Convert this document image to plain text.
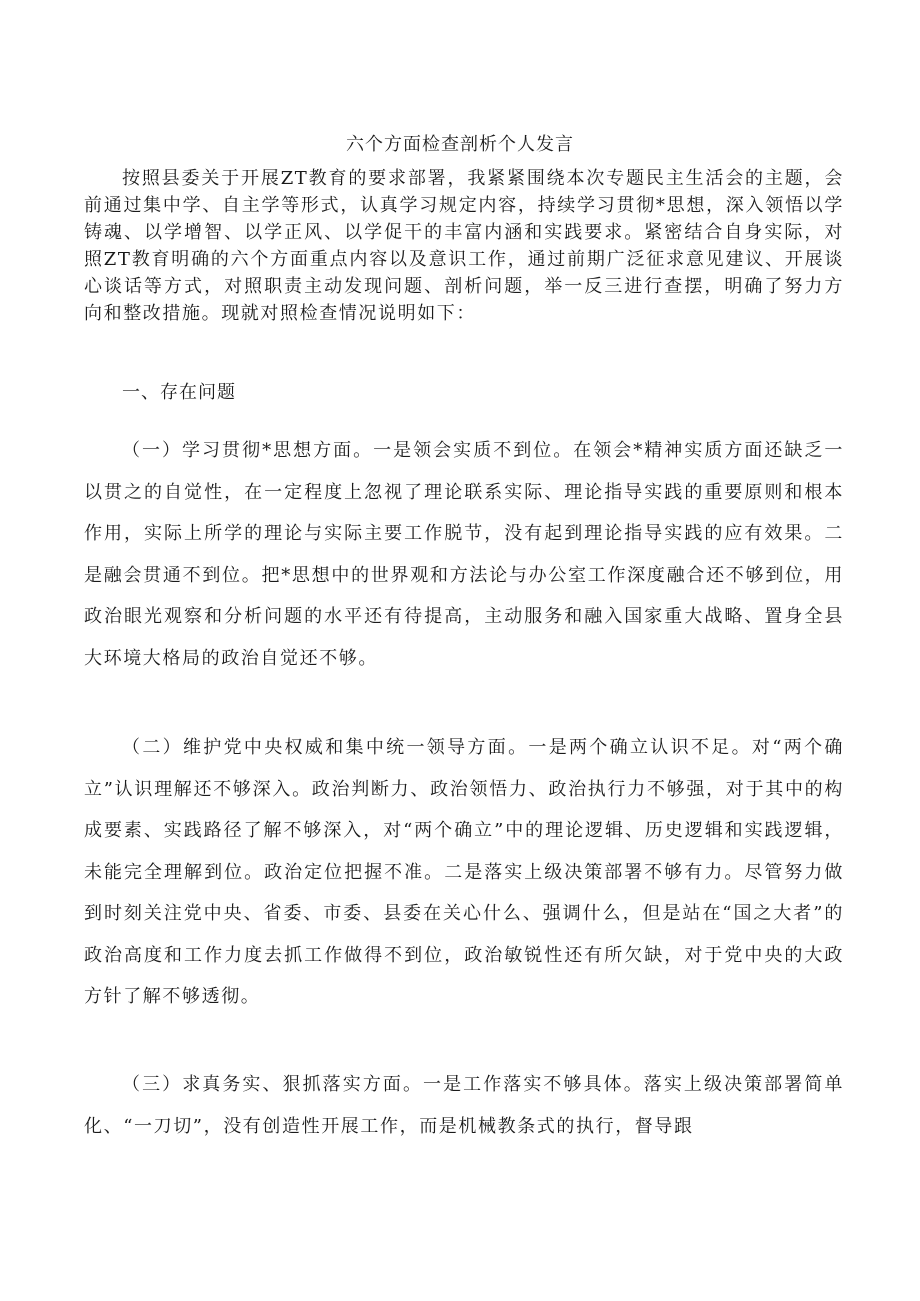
六个方面检查剖析个人发言

按照县委关于开展ZT教育的要求部署，我紧紧围绕本次专题民主生活会的主题，会前通过集中学、自主学等形式，认真学习规定内容，持续学习贯彻*思想，深入领悟以学铸魂、以学增智、以学正风、以学促干的丰富内涵和实践要求。紧密结合自身实际，对照ZT教育明确的六个方面重点内容以及意识工作，通过前期广泛征求意见建议、开展谈心谈话等方式，对照职责主动发现问题、剖析问题，举一反三进行查摆，明确了努力方向和整改措施。现就对照检查情况说明如下：

一、存在问题

（一）学习贯彻*思想方面。一是领会实质不到位。在领会*精神实质方面还缺乏一以贯之的自觉性，在一定程度上忽视了理论联系实际、理论指导实践的重要原则和根本作用，实际上所学的理论与实际主要工作脱节，没有起到理论指导实践的应有效果。二是融会贯通不到位。把*思想中的世界观和方法论与办公室工作深度融合还不够到位，用政治眼光观察和分析问题的水平还有待提高，主动服务和融入国家重大战略、置身全县大环境大格局的政治自觉还不够。

（二）维护党中央权威和集中统一领导方面。一是两个确立认识不足。对“两个确立”认识理解还不够深入。政治判断力、政治领悟力、政治执行力不够强，对于其中的构成要素、实践路径了解不够深入，对“两个确立”中的理论逻辑、历史逻辑和实践逻辑，未能完全理解到位。政治定位把握不准。二是落实上级决策部署不够有力。尽管努力做到时刻关注党中央、省委、市委、县委在关心什么、强调什么，但是站在“国之大者”的政治高度和工作力度去抓工作做得不到位，政治敏锐性还有所欠缺，对于党中央的大政方针了解不够透彻。

（三）求真务实、狠抓落实方面。一是工作落实不够具体。落实上级决策部署简单化、“一刀切”，没有创造性开展工作，而是机械教条式的执行，督导跟
